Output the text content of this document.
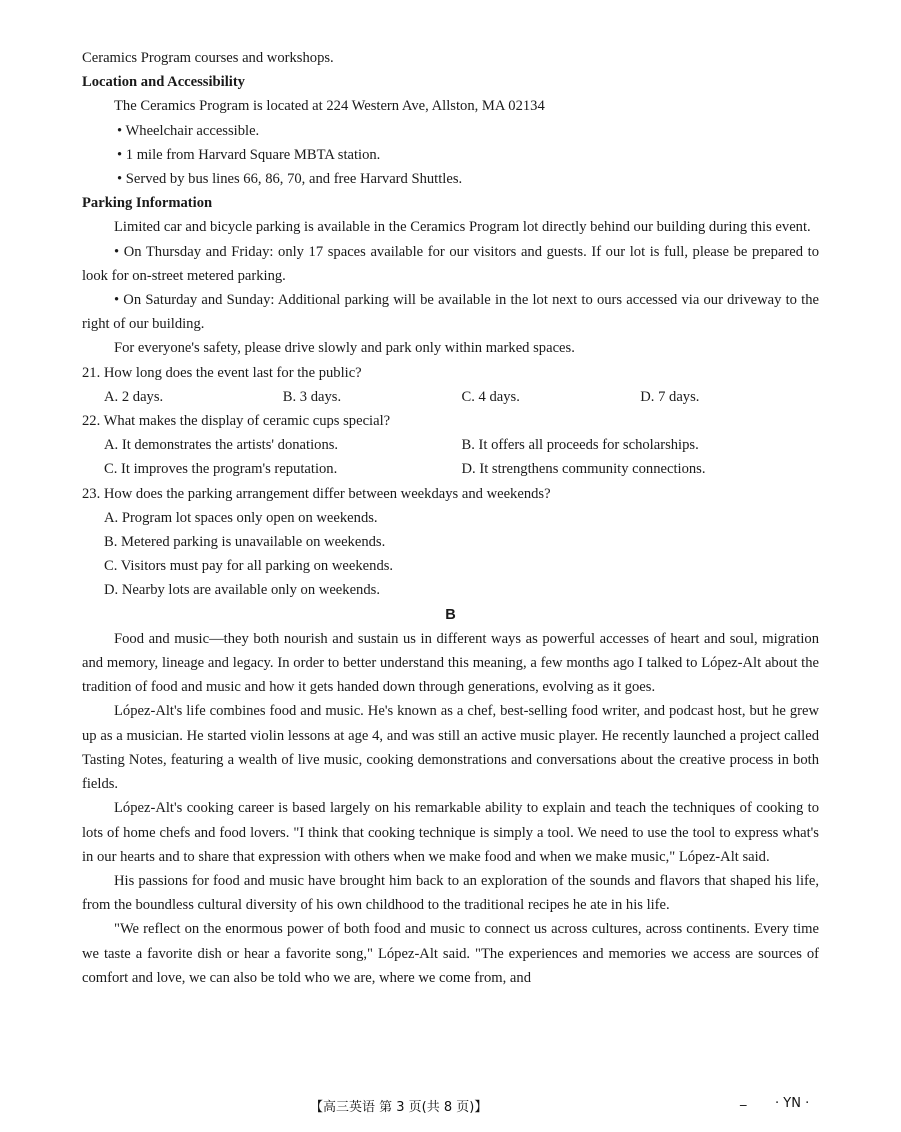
Ceramics Program courses and workshops.
Location and Accessibility
The Ceramics Program is located at 224 Western Ave, Allston, MA 02134
• Wheelchair accessible.
• 1 mile from Harvard Square MBTA station.
• Served by bus lines 66, 86, 70, and free Harvard Shuttles.
Parking Information
Limited car and bicycle parking is available in the Ceramics Program lot directly behind our building during this event.
• On Thursday and Friday: only 17 spaces available for our visitors and guests. If our lot is full, please be prepared to look for on-street metered parking.
• On Saturday and Sunday: Additional parking will be available in the lot next to ours accessed via our driveway to the right of our building.
For everyone's safety, please drive slowly and park only within marked spaces.
21. How long does the event last for the public?
A. 2 days.	B. 3 days.	C. 4 days.	D. 7 days.
22. What makes the display of ceramic cups special?
A. It demonstrates the artists' donations.	B. It offers all proceeds for scholarships.
C. It improves the program's reputation.	D. It strengthens community connections.
23. How does the parking arrangement differ between weekdays and weekends?
A. Program lot spaces only open on weekends.
B. Metered parking is unavailable on weekends.
C. Visitors must pay for all parking on weekends.
D. Nearby lots are available only on weekends.
B
Food and music—they both nourish and sustain us in different ways as powerful accesses of heart and soul, migration and memory, lineage and legacy. In order to better understand this meaning, a few months ago I talked to López-Alt about the tradition of food and music and how it gets handed down through generations, evolving as it goes.
López-Alt's life combines food and music. He's known as a chef, best-selling food writer, and podcast host, but he grew up as a musician. He started violin lessons at age 4, and was still an active music player. He recently launched a project called Tasting Notes, featuring a wealth of live music, cooking demonstrations and conversations about the creative process in both fields.
López-Alt's cooking career is based largely on his remarkable ability to explain and teach the techniques of cooking to lots of home chefs and food lovers. "I think that cooking technique is simply a tool. We need to use the tool to express what's in our hearts and to share that expression with others when we make food and when we make music," López-Alt said.
His passions for food and music have brought him back to an exploration of the sounds and flavors that shaped his life, from the boundless cultural diversity of his own childhood to the traditional recipes he ate in his life.
"We reflect on the enormous power of both food and music to connect us across cultures, across continents. Every time we taste a favorite dish or hear a favorite song," López-Alt said. "The experiences and memories we access are sources of comfort and love, we can also be told who we are, where we come from, and
【高三英语 第 3 页(共 8 页)】
_ · YN ·
